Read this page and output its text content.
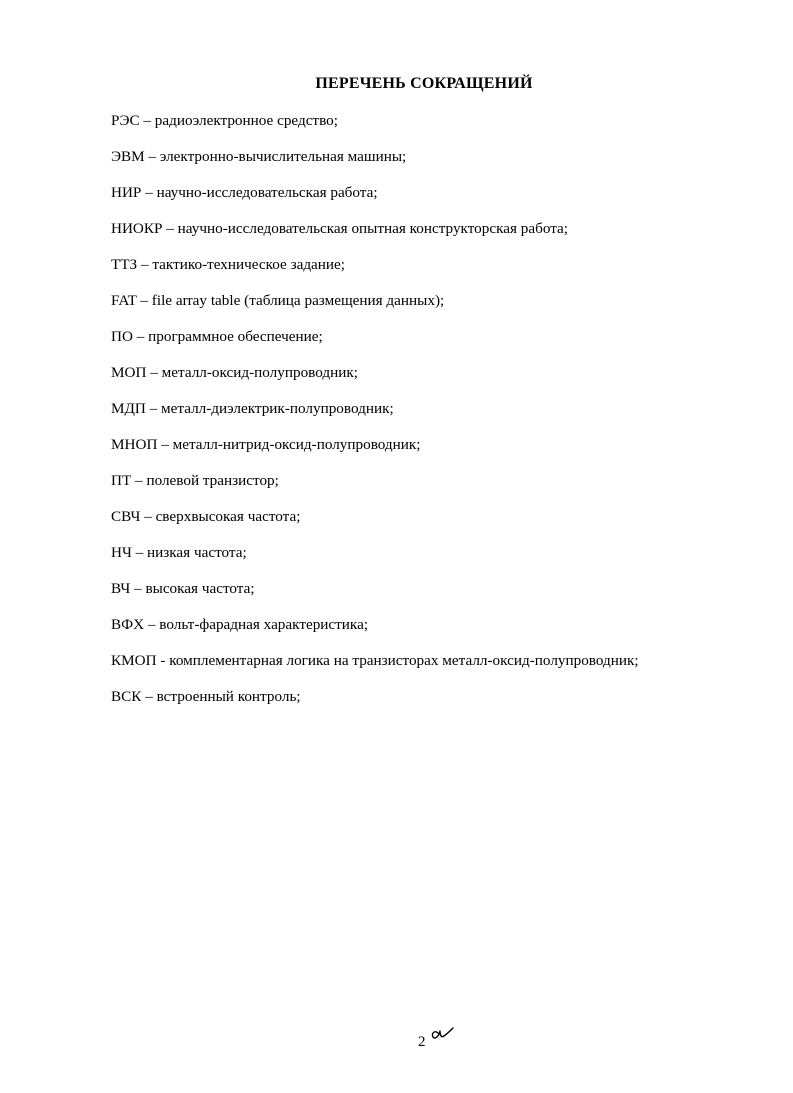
ПЕРЕЧЕНЬ СОКРАЩЕНИЙ
РЭС – радиоэлектронное средство;
ЭВМ – электронно-вычислительная машины;
НИР – научно-исследовательская работа;
НИОКР – научно-исследовательская опытная конструкторская работа;
ТТЗ – тактико-техническое задание;
FAT – file array table (таблица размещения данных);
ПО – программное обеспечение;
МОП – металл-оксид-полупроводник;
МДП – металл-диэлектрик-полупроводник;
МНОП – металл-нитрид-оксид-полупроводник;
ПТ – полевой транзистор;
СВЧ – сверхвысокая частота;
НЧ – низкая частота;
ВЧ – высокая частота;
ВФХ – вольт-фарадная характеристика;
КМОП - комплементарная логика на транзисторах металл-оксид-полупроводник;
ВСК – встроенный контроль;
2
